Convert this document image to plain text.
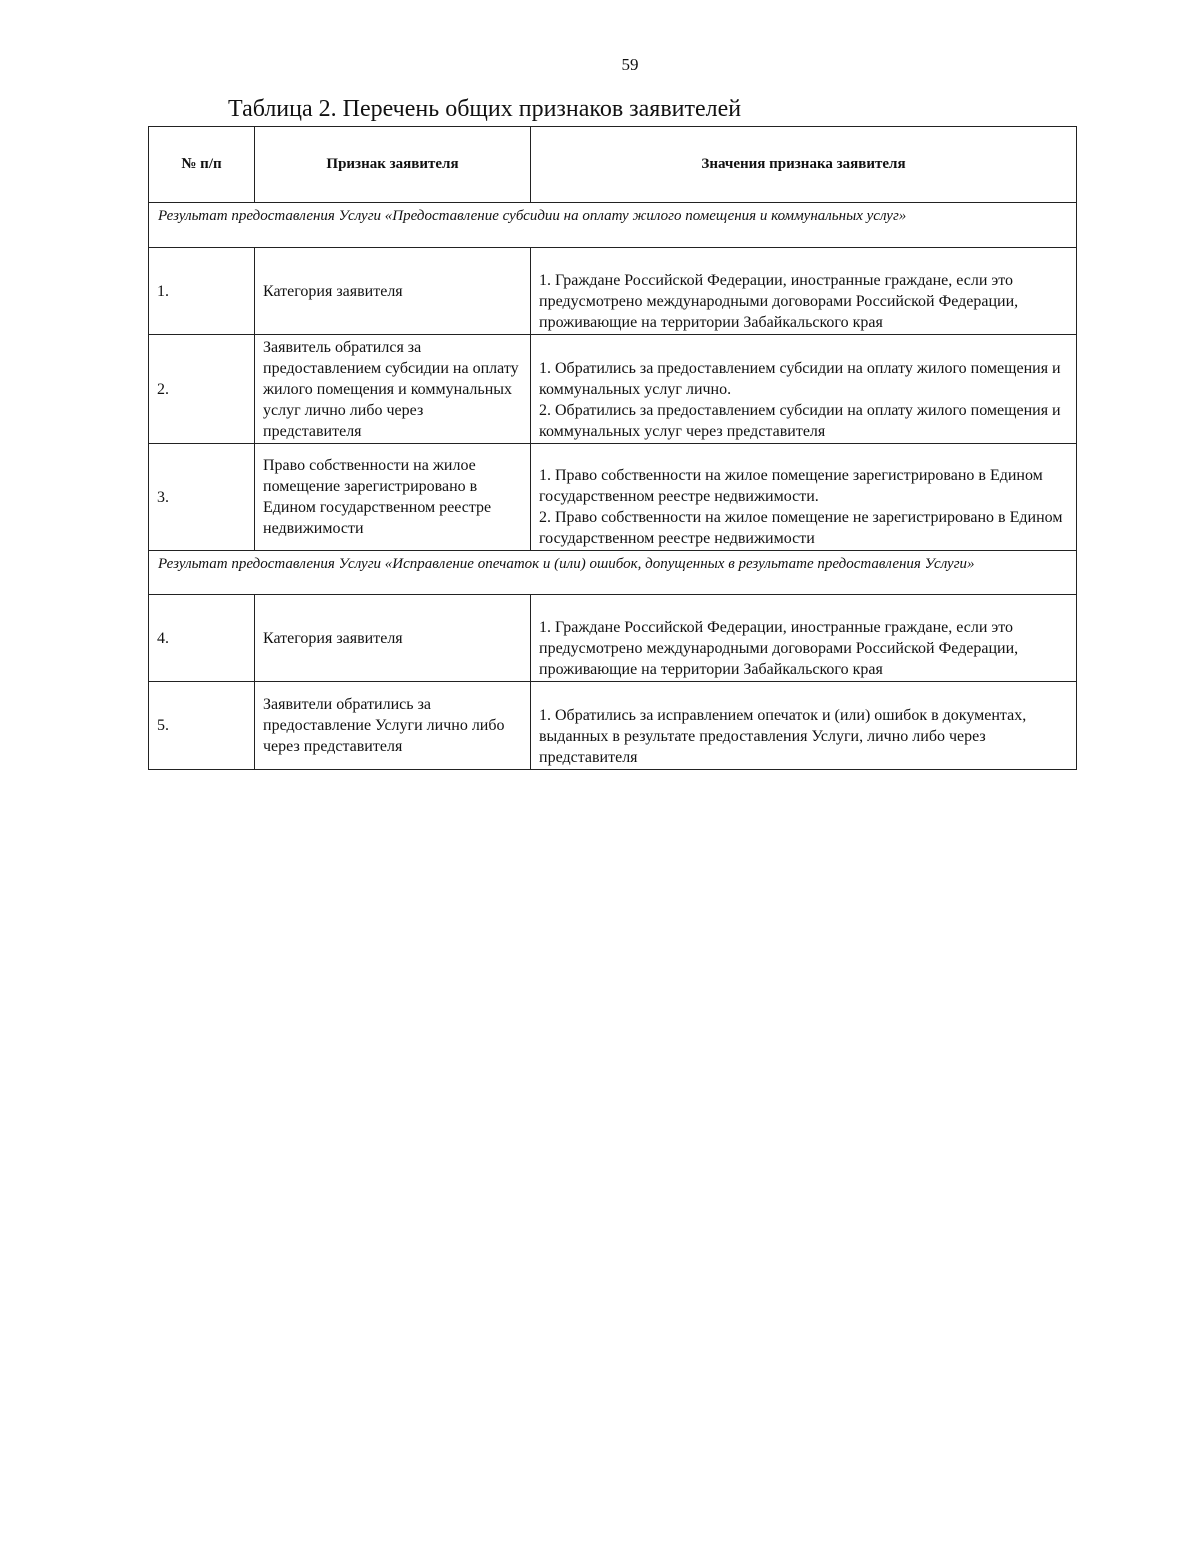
59
Таблица 2. Перечень общих признаков заявителей
№ п/п	Признак заявителя	Значения признака заявителя
Результат предоставления Услуги «Предоставление субсидии на оплату жилого помещения и коммунальных услуг»		
1.	Категория заявителя	1. Граждане Российской Федерации, иностранные граждане, если это предусмотрено международными договорами Российской Федерации, проживающие на территории Забайкальского края

2.	Заявитель обратился за предоставлением субсидии на оплату жилого помещения и коммунальных услуг лично либо через представителя	1. Обратились за предоставлением субсидии на оплату жилого помещения и коммунальных услуг лично.
2. Обратились за предоставлением субсидии на оплату жилого помещения и коммунальных услуг через представителя

3.	Право собственности на жилое помещение зарегистрировано в Едином государственном реестре недвижимости	1. Право собственности на жилое помещение зарегистрировано в Едином государственном реестре недвижимости.
2. Право собственности на жилое помещение не зарегистрировано в Едином государственном реестре недвижимости

Результат предоставления Услуги «Исправление опечаток и (или) ошибок, допущенных в результате предоставления Услуги»		
4.	Категория заявителя	1. Граждане Российской Федерации, иностранные граждане, если это предусмотрено международными договорами Российской Федерации, проживающие на территории Забайкальского края

5.	Заявители обратились за предоставление Услуги лично либо через представителя	1. Обратились за исправлением опечаток и (или) ошибок в документах, выданных в результате предоставления Услуги, лично либо через представителя
